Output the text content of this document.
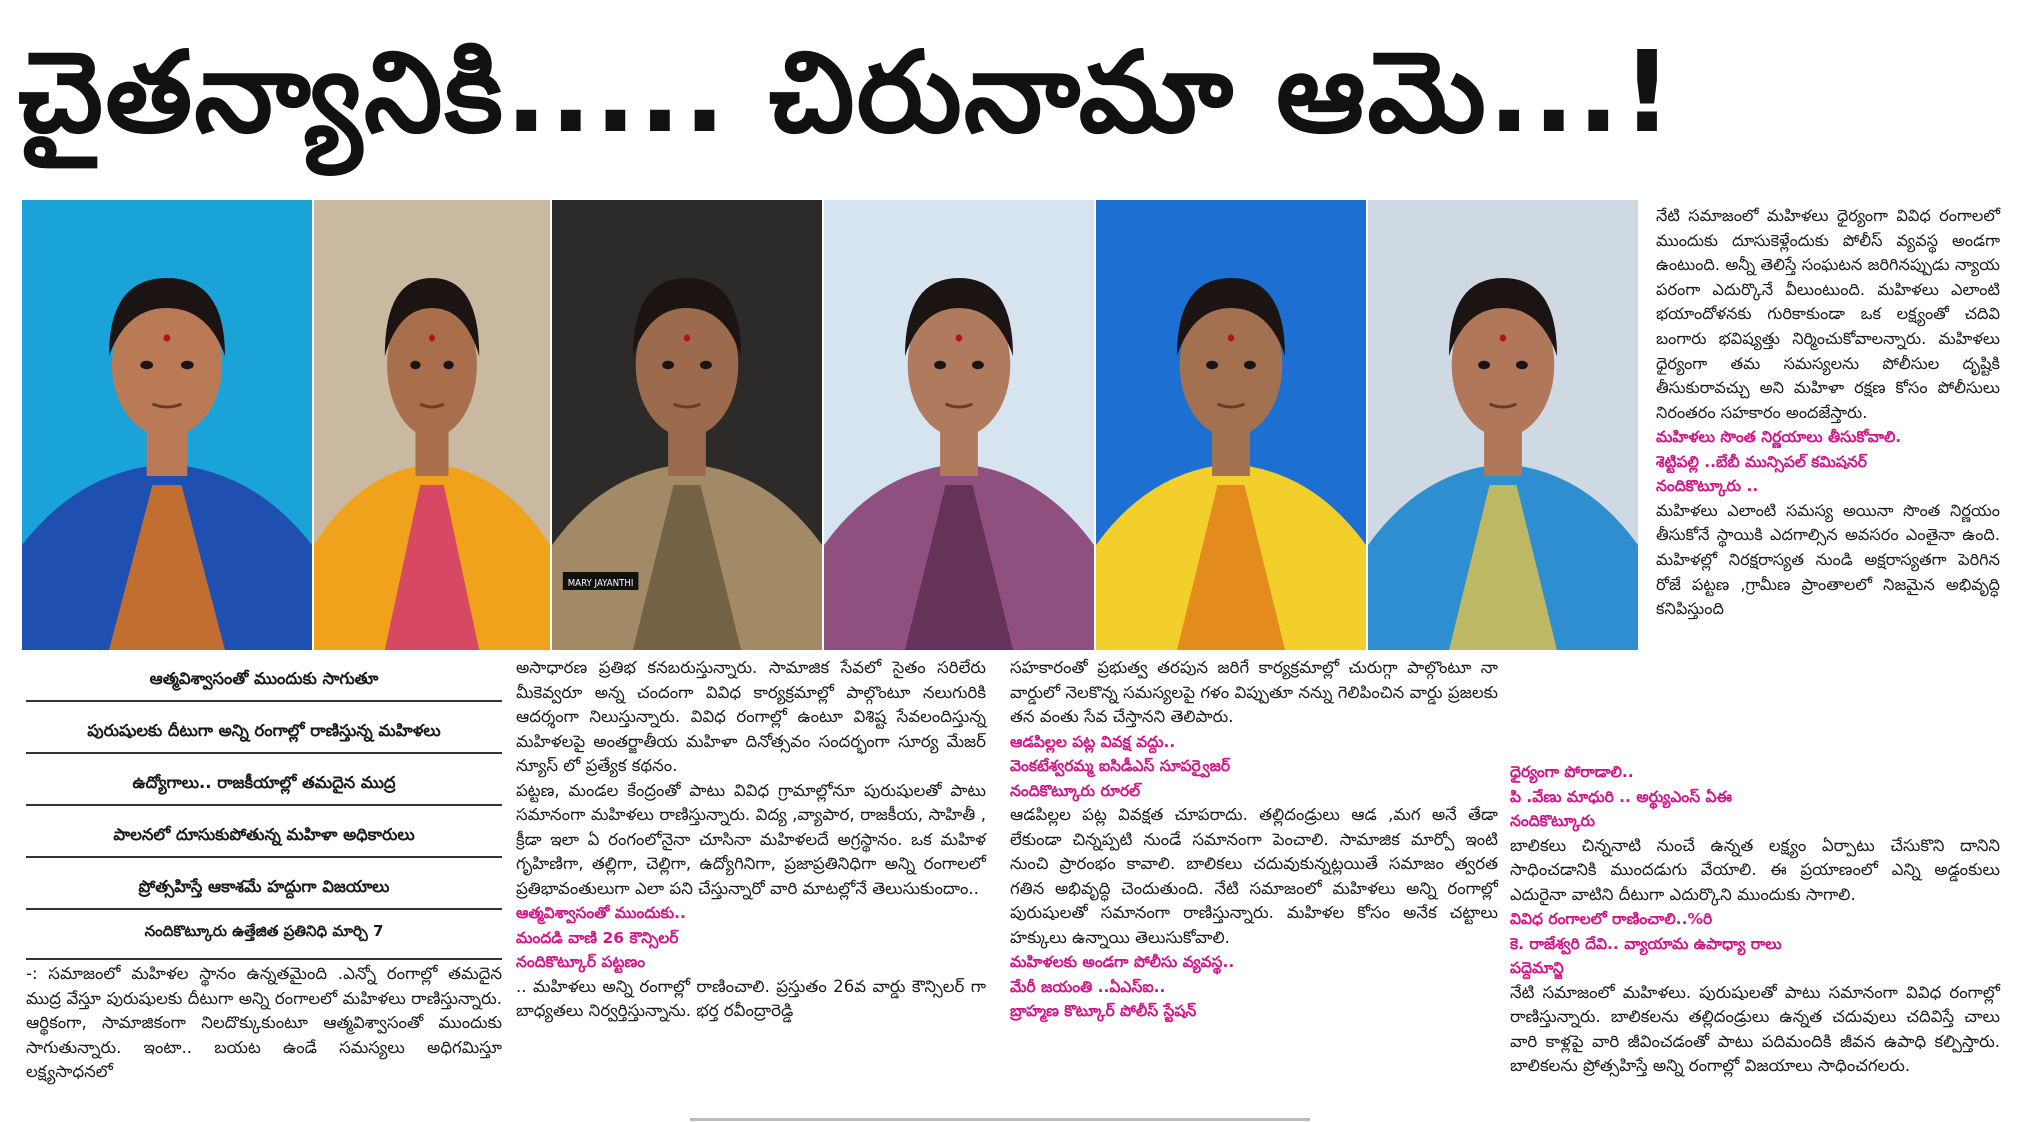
చైతన్యానికి..... చిరునామా ఆమె...!
MARY JAYANTHI
ఆత్మవిశ్వాసంతో ముందుకు సాగుతూ
పురుషులకు దీటుగా అన్ని రంగాల్లో రాణిస్తున్న మహిళలు
ఉద్యోగాలు.. రాజకీయాల్లో తమదైన ముద్ర
పాలనలో దూసుకుపోతున్న మహిళా అధికారులు
ప్రోత్సహిస్తే ఆకాశమే హద్దుగా విజయాలు
నందికొట్కూరు ఉత్తేజిత ప్రతినిధి మార్చి 7

-: సమాజంలో మహిళల స్థానం ఉన్నతమైంది .ఎన్నో రంగాల్లో తమదైన ముద్ర వేస్తూ పురుషులకు దీటుగా అన్ని రంగాలలో మహిళలు రాణిస్తున్నారు. ఆర్థికంగా, సామాజికంగా నిలదొక్కుకుంటూ ఆత్మవిశ్వాసంతో ముందుకు సాగుతున్నారు. ఇంటా.. బయట ఉండే సమస్యలు అధిగమిస్తూ లక్ష్యసాధనలో

అసాధారణ ప్రతిభ కనబరుస్తున్నారు. సామాజిక సేవలో సైతం సరిలేరు మీకెవ్వరూ అన్న చందంగా వివిధ కార్యక్రమాల్లో పాల్గొంటూ నలుగురికి ఆదర్శంగా నిలుస్తున్నారు. వివిధ రంగాల్లో ఉంటూ విశిష్ట సేవలందిస్తున్న మహిళలపై అంతర్జాతీయ మహిళా దినోత్సవం సందర్భంగా సూర్య మేజర్ న్యూస్ లో ప్రత్యేక కథనం.

పట్టణ, మండల కేంద్రంతో పాటు వివిధ గ్రామాల్లోనూ పురుషులతో పాటు సమానంగా మహిళలు రాణిస్తున్నారు. విద్య ,వ్యాపార, రాజకీయ, సాహితీ , క్రీడా ఇలా ఏ రంగంలోనైనా చూసినా మహిళలదే అగ్రస్థానం. ఒక మహిళ గృహిణిగా, తల్లిగా, చెల్లిగా, ఉద్యోగినిగా, ప్రజాప్రతినిధిగా అన్ని రంగాలలో ప్రతిభావంతులుగా ఎలా పని చేస్తున్నారో వారి మాటల్లోనే తెలుసుకుందాం..

ఆత్మవిశ్వాసంతో ముందుకు..
మందడి వాణి 26 కౌన్సిలర్
నందికొట్కూర్ పట్టణం

.. మహిళలు అన్ని రంగాల్లో రాణించాలి. ప్రస్తుతం 26వ వార్డు కౌన్సిలర్ గా బాధ్యతలు నిర్వర్తిస్తున్నాను. భర్త రవీంద్రారెడ్డి

సహకారంతో ప్రభుత్వ తరపున జరిగే కార్యక్రమాల్లో చురుగ్గా పాల్గొంటూ నా వార్డులో నెలకొన్న సమస్యలపై గళం విప్పుతూ నన్ను గెలిపించిన వార్డు ప్రజలకు తన వంతు సేవ చేస్తానని తెలిపారు.

ఆడపిల్లల పట్ల వివక్ష వద్దు..
వెంకటేశ్వరమ్మ ఐసిడీఎస్ సూపర్వైజర్
నందికొట్కూరు రూరల్

ఆడపిల్లల పట్ల వివక్షత చూపరాదు. తల్లిదండ్రులు ఆడ ,మగ అనే తేడా లేకుండా చిన్నప్పటి నుండే సమానంగా పెంచాలి. సామాజిక మార్పో ఇంటి నుంచి ప్రారంభం కావాలి. బాలికలు చదువుకున్నట్లయితే సమాజం త్వరత గతిన అభివృద్ధి చెందుతుంది. నేటి సమాజంలో మహిళలు అన్ని రంగాల్లో పురుషులతో సమానంగా రాణిస్తున్నారు. మహిళల కోసం అనేక చట్టాలు హక్కులు ఉన్నాయి తెలుసుకోవాలి.

మహిళలకు అండగా పోలీసు వ్యవస్థ..
మేరీ జయంతి ..ఏఎస్ఐ..
బ్రాహ్మణ కొట్కూర్ పోలీస్ స్టేషన్

నేటి సమాజంలో మహిళలు ధైర్యంగా వివిధ రంగాలలో ముందుకు దూసుకెళ్లేందుకు పోలీస్ వ్యవస్థ అండగా ఉంటుంది. అన్నీ తెలిస్తే సంఘటన జరిగినప్పుడు న్యాయ పరంగా ఎదుర్కొనే వీలుంటుంది. మహిళలు ఎలాంటి భయాందోళనకు గురికాకుండా ఒక లక్ష్యంతో చదివి బంగారు భవిష్యత్తు నిర్మించుకోవాలన్నారు. మహిళలు ధైర్యంగా తమ సమస్యలను పోలీసుల దృష్టికి తీసుకురావచ్చు అని మహిళా రక్షణ కోసం పోలీసులు నిరంతరం సహకారం అందజేస్తారు.

మహిళలు సొంత నిర్ణయాలు తీసుకోవాలి.
శెట్టిపల్లి ..బేబీ మున్సిపల్ కమిషనర్
నందికొట్కూరు ..

మహిళలు ఎలాంటి సమస్య అయినా సొంత నిర్ణయం తీసుకోనే స్థాయికి ఎదగాల్సిన అవసరం ఎంతైనా ఉంది. మహిళల్లో నిరక్షరాస్యత నుండి అక్షరాస్యతగా పెరిగిన రోజే పట్టణ ,గ్రామీణ ప్రాంతాలలో నిజమైన అభివృద్ధి కనిపిస్తుంది

ధైర్యంగా పోరాడాలి..
పి .వేణు మాధురి .. అర్థ్యుఎంస్ ఏఈ
నందికొట్కూరు

బాలికలు చిన్ననాటి నుంచే ఉన్నత లక్ష్యం ఏర్పాటు చేసుకొని దానిని సాధించడానికి ముందడుగు వేయాలి. ఈ ప్రయాణంలో ఎన్ని అడ్డంకులు ఎదురైనా వాటిని దీటుగా ఎదుర్కొని ముందుకు సాగాలి.

వివిధ రంగాలలో రాణించాలి..%రి
కె. రాజేశ్వరి దేవి.. వ్యాయామ ఉపాధ్యా రాలు
పద్దెమాన్జి

నేటి సమాజంలో మహిళలు. పురుషులతో పాటు సమానంగా వివిధ రంగాల్లో రాణిస్తున్నారు. బాలికలను తల్లిదండ్రులు ఉన్నత చదువులు చదివిస్తే చాలు వారి కాళ్లపై వారి జీవించడంతో పాటు పదిమందికి జీవన ఉపాధి కల్పిస్తారు. బాలికలను ప్రోత్సహిస్తే అన్ని రంగాల్లో విజయాలు సాధించగలరు.
